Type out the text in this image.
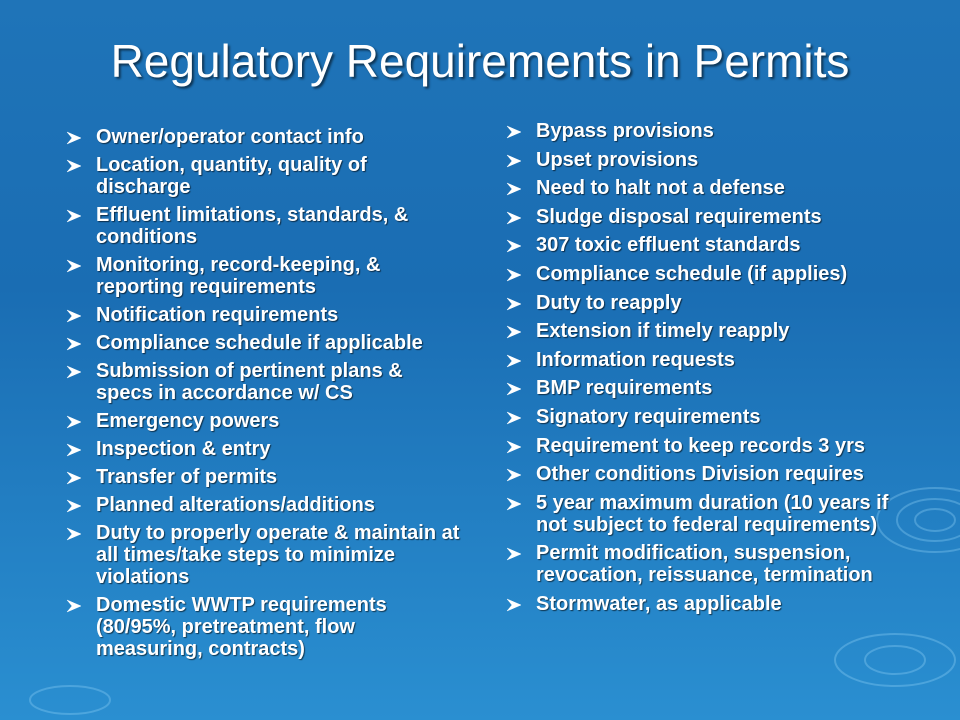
Regulatory Requirements in Permits
Owner/operator contact info
Location, quantity, quality of discharge
Effluent limitations, standards, & conditions
Monitoring, record-keeping, & reporting requirements
Notification requirements
Compliance schedule if applicable
Submission of pertinent plans & specs in accordance w/ CS
Emergency powers
Inspection & entry
Transfer of permits
Planned alterations/additions
Duty to properly operate & maintain at all times/take steps to minimize violations
Domestic WWTP requirements (80/95%, pretreatment, flow measuring, contracts)
Bypass provisions
Upset provisions
Need to halt not a defense
Sludge disposal requirements
307 toxic effluent standards
Compliance schedule (if applies)
Duty to reapply
Extension if timely reapply
Information requests
BMP requirements
Signatory requirements
Requirement to keep records 3 yrs
Other conditions Division requires
5 year maximum duration (10 years if not subject to federal requirements)
Permit modification, suspension, revocation, reissuance, termination
Stormwater, as applicable
